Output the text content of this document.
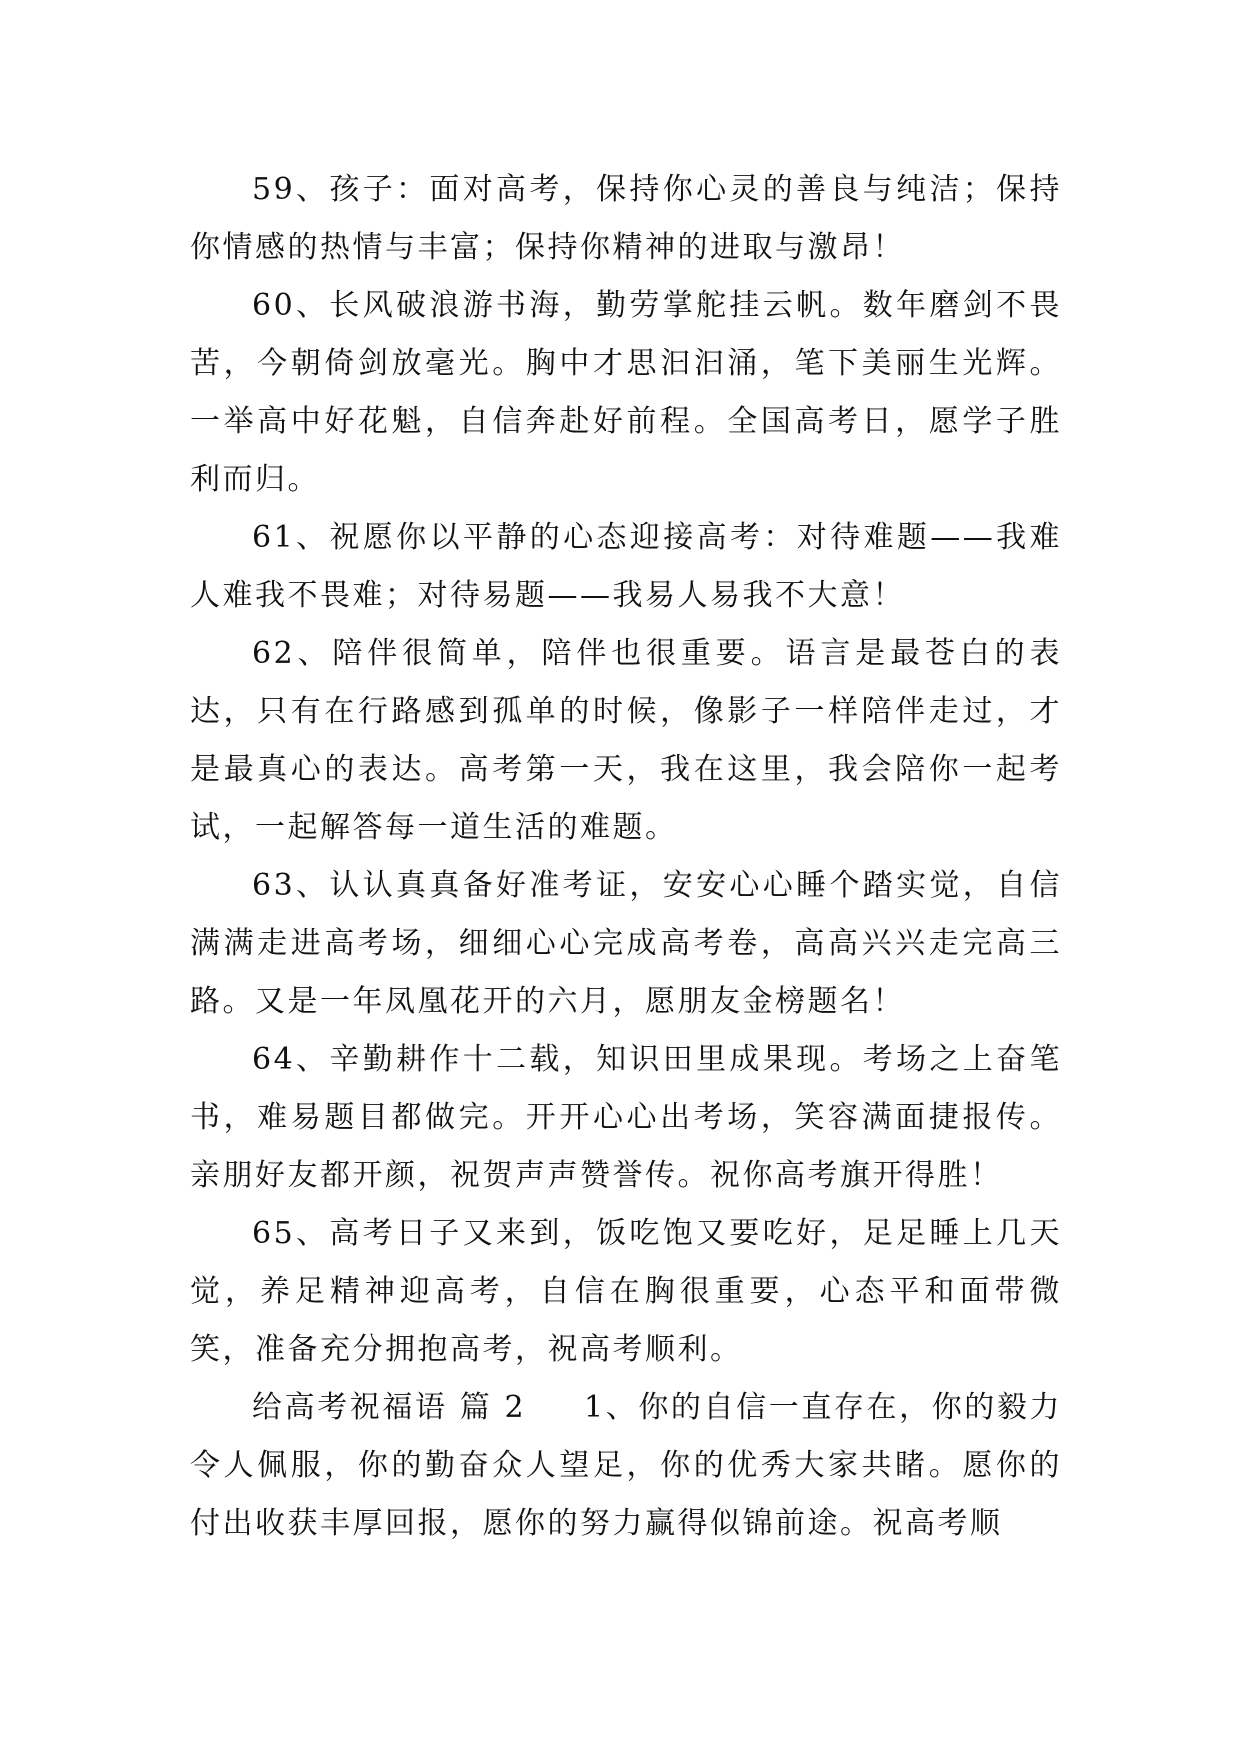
59、孩子：面对高考，保持你心灵的善良与纯洁；保持你情感的热情与丰富；保持你精神的进取与激昂！

60、长风破浪游书海，勤劳掌舵挂云帆。数年磨剑不畏苦，今朝倚剑放毫光。胸中才思汩汩涌，笔下美丽生光辉。一举高中好花魁，自信奔赴好前程。全国高考日，愿学子胜利而归。

61、祝愿你以平静的心态迎接高考：对待难题——我难人难我不畏难；对待易题——我易人易我不大意！

62、陪伴很简单，陪伴也很重要。语言是最苍白的表达，只有在行路感到孤单的时候，像影子一样陪伴走过，才是最真心的表达。高考第一天，我在这里，我会陪你一起考试，一起解答每一道生活的难题。

63、认认真真备好准考证，安安心心睡个踏实觉，自信满满走进高考场，细细心心完成高考卷，高高兴兴走完高三路。又是一年凤凰花开的六月，愿朋友金榜题名！

64、辛勤耕作十二载，知识田里成果现。考场之上奋笔书，难易题目都做完。开开心心出考场，笑容满面捷报传。亲朋好友都开颜，祝贺声声赞誉传。祝你高考旗开得胜！

65、高考日子又来到，饭吃饱又要吃好，足足睡上几天觉，养足精神迎高考，自信在胸很重要，心态平和面带微笑，准备充分拥抱高考，祝高考顺利。

给高考祝福语 篇 2 1、你的自信一直存在，你的毅力令人佩服，你的勤奋众人望足，你的优秀大家共睹。愿你的付出收获丰厚回报，愿你的努力赢得似锦前途。祝高考顺
